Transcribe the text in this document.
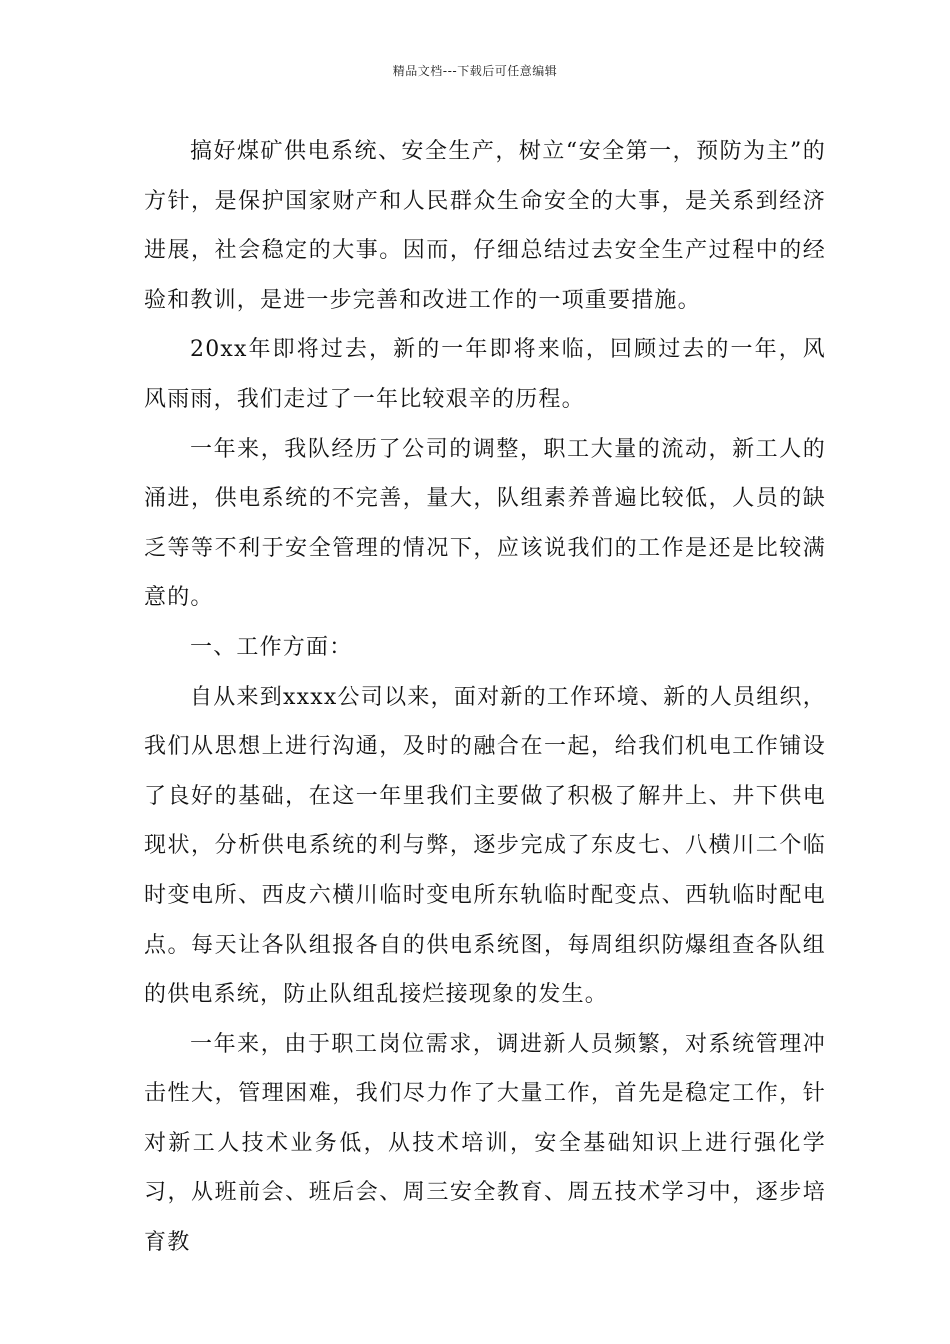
精品文档---下载后可任意编辑

搞好煤矿供电系统、安全生产，树立“安全第一，预防为主”的方针，是保护国家财产和人民群众生命安全的大事，是关系到经济进展，社会稳定的大事。因而，仔细总结过去安全生产过程中的经验和教训，是进一步完善和改进工作的一项重要措施。

20xx年即将过去，新的一年即将来临，回顾过去的一年，风风雨雨，我们走过了一年比较艰辛的历程。

一年来，我队经历了公司的调整，职工大量的流动，新工人的涌进，供电系统的不完善，量大，队组素养普遍比较低，人员的缺乏等等不利于安全管理的情况下，应该说我们的工作是还是比较满意的。

一、工作方面：

自从来到xxxx公司以来，面对新的工作环境、新的人员组织，我们从思想上进行沟通，及时的融合在一起，给我们机电工作铺设了良好的基础，在这一年里我们主要做了积极了解井上、井下供电现状，分析供电系统的利与弊，逐步完成了东皮七、八横川二个临时变电所、西皮六横川临时变电所东轨临时配变点、西轨临时配电点。每天让各队组报各自的供电系统图，每周组织防爆组查各队组的供电系统，防止队组乱接烂接现象的发生。

一年来，由于职工岗位需求，调进新人员频繁，对系统管理冲击性大，管理困难，我们尽力作了大量工作，首先是稳定工作，针对新工人技术业务低，从技术培训，安全基础知识上进行强化学习，从班前会、班后会、周三安全教育、周五技术学习中，逐步培育教
